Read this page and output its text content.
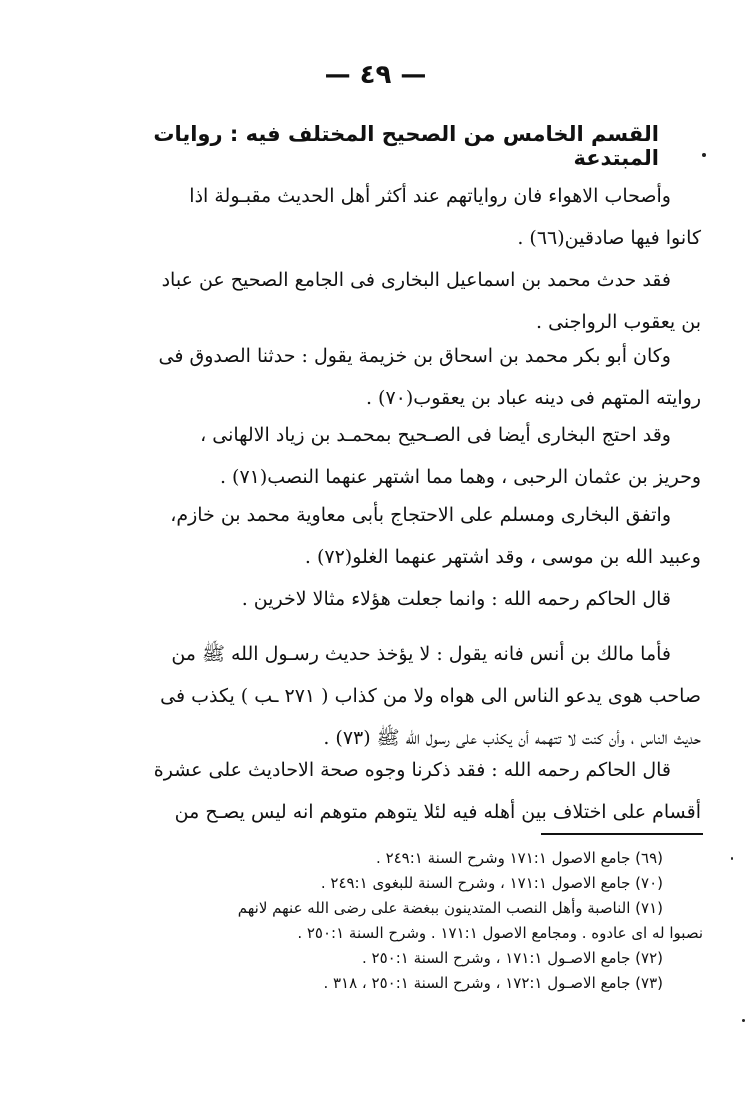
— ٤٩ —
القسم الخامس من الصحيح المختلف فيه : روايات المبتدعة
وأصحاب الاهواء فان رواياتهم عند أكثر أهل الحديث مقبـولة اذا
كانوا فيها صادقين(٦٦) .
فقد حدث محمد بن اسماعيل البخارى فى الجامع الصحيح عن عباد
بن يعقوب الرواجنى .
وكان أبو بكر محمد بن اسحاق بن خزيمة يقول : حدثنا الصدوق فى
روايته المتهم فى دينه عباد بن يعقوب(٧٠) .
وقد احتج البخارى أيضا فى الصـحيح بمحمـد بن زياد الالهانى ،
وحريز بن عثمان الرحبى ، وهما مما اشتهر عنهما النصب(٧١) .
واتفق البخارى ومسلم على الاحتجاج بأبى معاوية محمد بن خازم،
وعبيد الله بن موسى ، وقد اشتهر عنهما الغلو(٧٢) .
قال الحاكم رحمه الله : وانما جعلت هؤلاء مثالا لاخرين .
فأما مالك بن أنس فانه يقول : لا يؤخذ حديث رسـول الله ﷺ من
صاحب هوى يدعو الناس الى هواه ولا من كذاب ( ٢٧١ ـب ) يكذب فى
حديث الناس ، وأن كنت لا تتهمه أن يكذب على رسول الله ﷺ (٧٣) .
قال الحاكم رحمه الله : فقد ذكرنا وجوه صحة الاحاديث على عشرة
أقسام على اختلاف بين أهله فيه لئلا يتوهم متوهم انه ليس يصـح من
(٦٩) جامع الاصول ١٧١:١ وشرح السنة ٢٤٩:١ .
(٧٠) جامع الاصول ١٧١:١ ، وشرح السنة للبغوى ٢٤٩:١ .
(٧١) الناصبة وأهل النصب المتدينون ببغضة على رضى الله عنهم لانهم
نصبوا له اى عادوه . ومجامع الاصول ١٧١:١ . وشرح السنة ٢٥٠:١ .
(٧٢) جامع الاصـول ١٧١:١ ، وشرح السنة ٢٥٠:١ .
(٧٣) جامع الاصـول ١٧٢:١ ، وشرح السنة ٢٥٠:١ ، ٣١٨ .
